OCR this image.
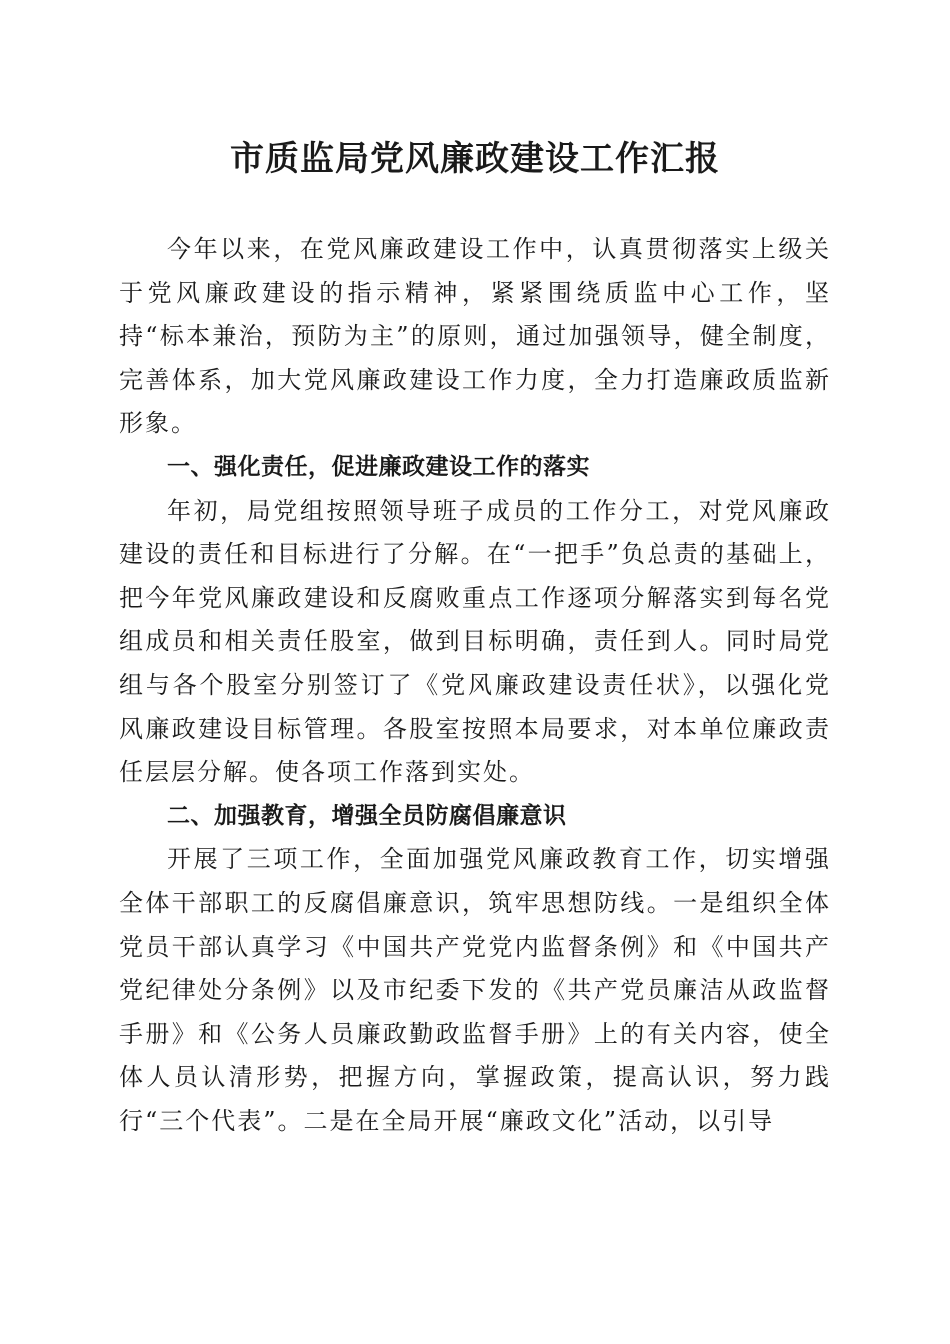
市质监局党风廉政建设工作汇报

今年以来，在党风廉政建设工作中，认真贯彻落实上级关于党风廉政建设的指示精神，紧紧围绕质监中心工作，坚持“标本兼治，预防为主”的原则，通过加强领导，健全制度，完善体系，加大党风廉政建设工作力度，全力打造廉政质监新形象。

一、强化责任，促进廉政建设工作的落实

年初，局党组按照领导班子成员的工作分工，对党风廉政建设的责任和目标进行了分解。在“一把手”负总责的基础上，把今年党风廉政建设和反腐败重点工作逐项分解落实到每名党组成员和相关责任股室，做到目标明确，责任到人。同时局党组与各个股室分别签订了《党风廉政建设责任状》，以强化党风廉政建设目标管理。各股室按照本局要求，对本单位廉政责任层层分解。使各项工作落到实处。

二、加强教育，增强全员防腐倡廉意识

开展了三项工作，全面加强党风廉政教育工作，切实增强全体干部职工的反腐倡廉意识，筑牢思想防线。一是组织全体党员干部认真学习《中国共产党党内监督条例》和《中国共产党纪律处分条例》以及市纪委下发的《共产党员廉洁从政监督手册》和《公务人员廉政勤政监督手册》上的有关内容，使全体人员认清形势，把握方向，掌握政策，提高认识，努力践行“三个代表”。二是在全局开展“廉政文化”活动，以引导
